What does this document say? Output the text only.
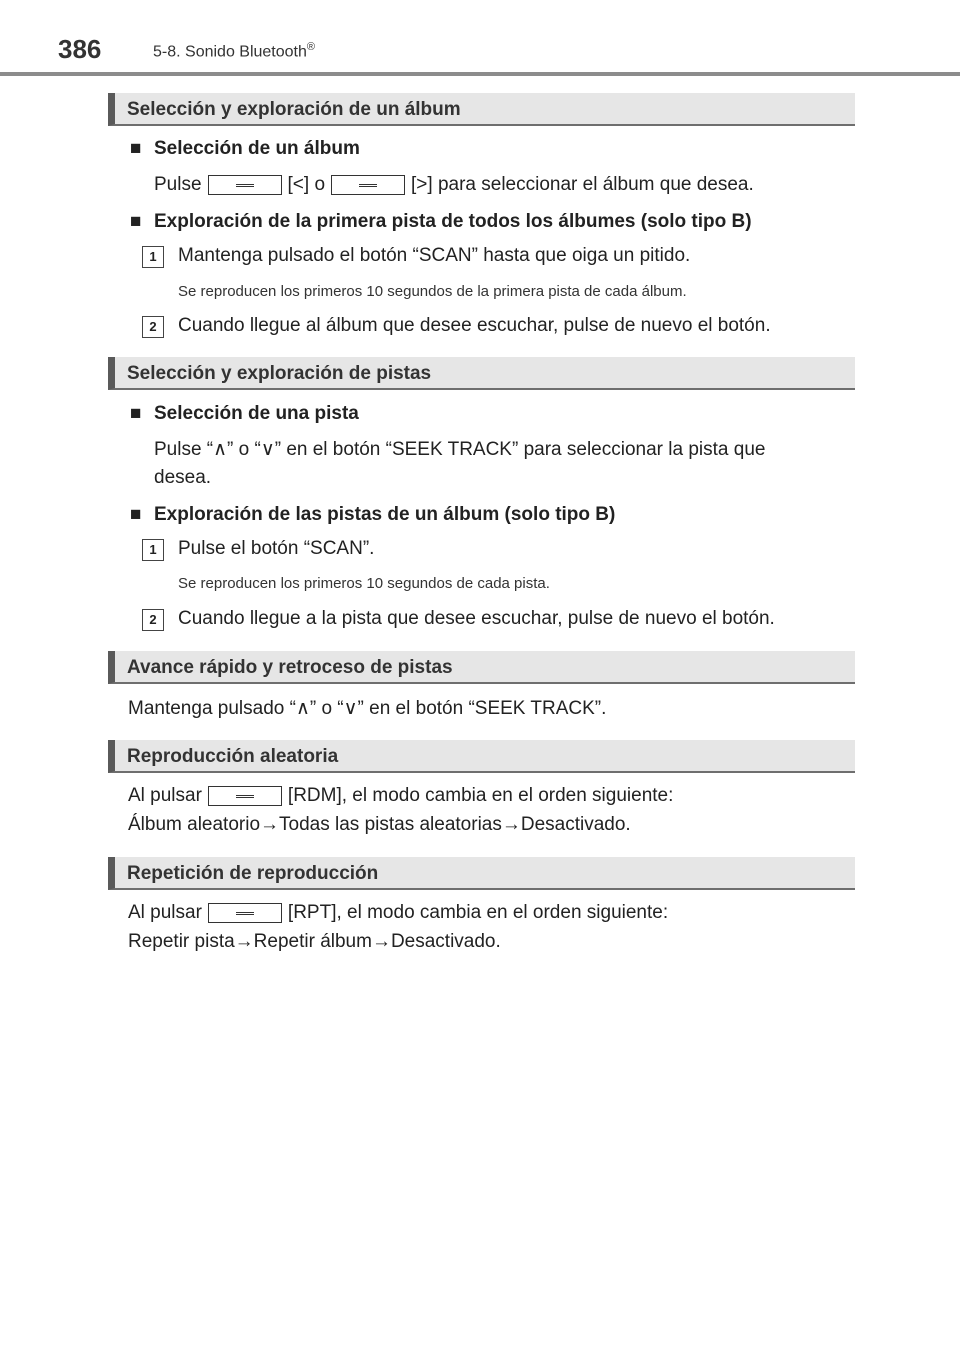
386	5-8. Sonido Bluetooth®
Selección y exploración de un álbum
■ Selección de un álbum
Pulse	[<] o	[>] para seleccionar el álbum que desea.
■ Exploración de la primera pista de todos los álbumes (solo tipo B)
1	Mantenga pulsado el botón “SCAN” hasta que oiga un pitido.
Se reproducen los primeros 10 segundos de la primera pista de cada álbum.
2	Cuando llegue al álbum que desee escuchar, pulse de nuevo el botón.
Selección y exploración de pistas
■ Selección de una pista
Pulse “∧” o “∨” en el botón “SEEK TRACK” para seleccionar la pista que
desea.
■ Exploración de las pistas de un álbum (solo tipo B)
1	Pulse el botón “SCAN”.
Se reproducen los primeros 10 segundos de cada pista.
2	Cuando llegue a la pista que desee escuchar, pulse de nuevo el botón.
Avance rápido y retroceso de pistas
Mantenga pulsado “∧” o “∨” en el botón “SEEK TRACK”.
Reproducción aleatoria
Al pulsar	[RDM], el modo cambia en el orden siguiente:
Álbum aleatorio→Todas las pistas aleatorias→Desactivado.
Repetición de reproducción
Al pulsar	[RPT], el modo cambia en el orden siguiente:
Repetir pista→Repetir álbum→Desactivado.
